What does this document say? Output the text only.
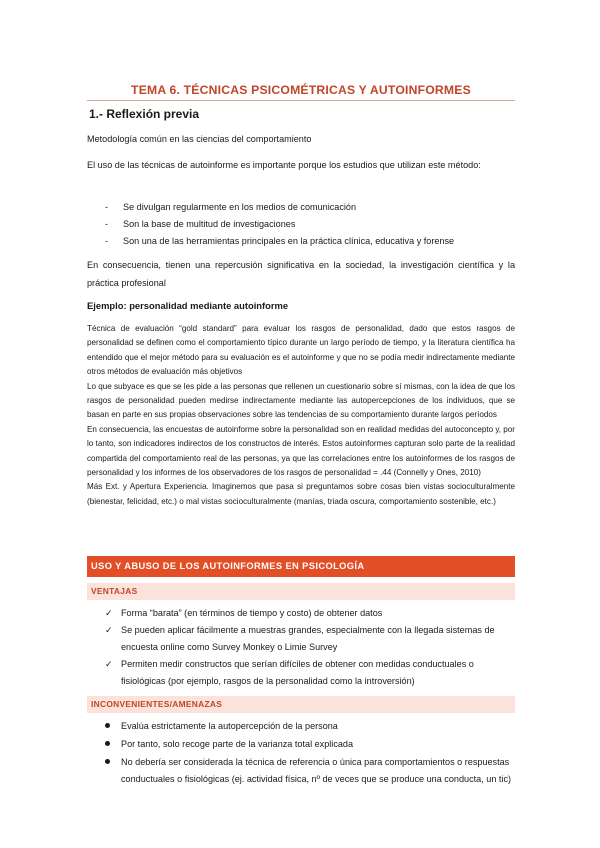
TEMA 6. TÉCNICAS PSICOMÉTRICAS Y AUTOINFORMES
1.- Reflexión previa
Metodología común en las ciencias del comportamiento
El uso de las técnicas de autoinforme es importante porque los estudios que utilizan este método:
- Se divulgan regularmente en los medios de comunicación
- Son la base de multitud de investigaciones
- Son una de las herramientas principales en la práctica clínica, educativa y forense
En consecuencia, tienen una repercusión significativa en la sociedad, la investigación científica y la práctica profesional
Ejemplo: personalidad mediante autoinforme

Técnica de evaluación “gold standard” para evaluar los rasgos de personalidad, dado que estos rasgos de personalidad se definen como el comportamiento típico durante un largo período de tiempo, y la literatura científica ha entendido que el mejor método para su evaluación es el autoinforme y que no se podía medir indirectamente mediante otros métodos de evaluación más objetivos

Lo que subyace es que se les pide a las personas que rellenen un cuestionario sobre sí mismas, con la idea de que los rasgos de personalidad pueden medirse indirectamente mediante las autopercepciones de los individuos, que se basan en parte en sus propias observaciones sobre las tendencias de su comportamiento durante largos períodos

En consecuencia, las encuestas de autoinforme sobre la personalidad son en realidad medidas del autoconcepto y, por lo tanto, son indicadores indirectos de los constructos de interés. Estos autoinformes capturan solo parte de la realidad compartida del comportamiento real de las personas, ya que las correlaciones entre los autoinformes de los rasgos de personalidad y los informes de los observadores de los rasgos de personalidad = .44 (Connelly y Ones, 2010)

Más Ext. y Apertura Experiencia. Imaginemos que pasa si preguntamos sobre cosas bien vistas socioculturalmente (bienestar, felicidad, etc.) o mal vistas socioculturalmente (manías, triada oscura, comportamiento sostenible, etc.)

USO Y ABUSO DE LOS AUTOINFORMES EN PSICOLOGÍA
VENTAJAS
✓ Forma “barata” (en términos de tiempo y costo) de obtener datos
✓ Se pueden aplicar fácilmente a muestras grandes, especialmente con la llegada sistemas de encuesta online como Survey Monkey o Limie Survey
✓ Permiten medir constructos que serían difíciles de obtener con medidas conductuales o fisiológicas (por ejemplo, rasgos de la personalidad como la introversión)
INCONVENIENTES/AMENAZAS
Evalúa estrictamente la autopercepción de la persona
Por tanto, solo recoge parte de la varianza total explicada
No debería ser considerada la técnica de referencia o única para comportamientos o respuestas conductuales o fisiológicas (ej. actividad física, nº de veces que se produce una conducta, un tic)
